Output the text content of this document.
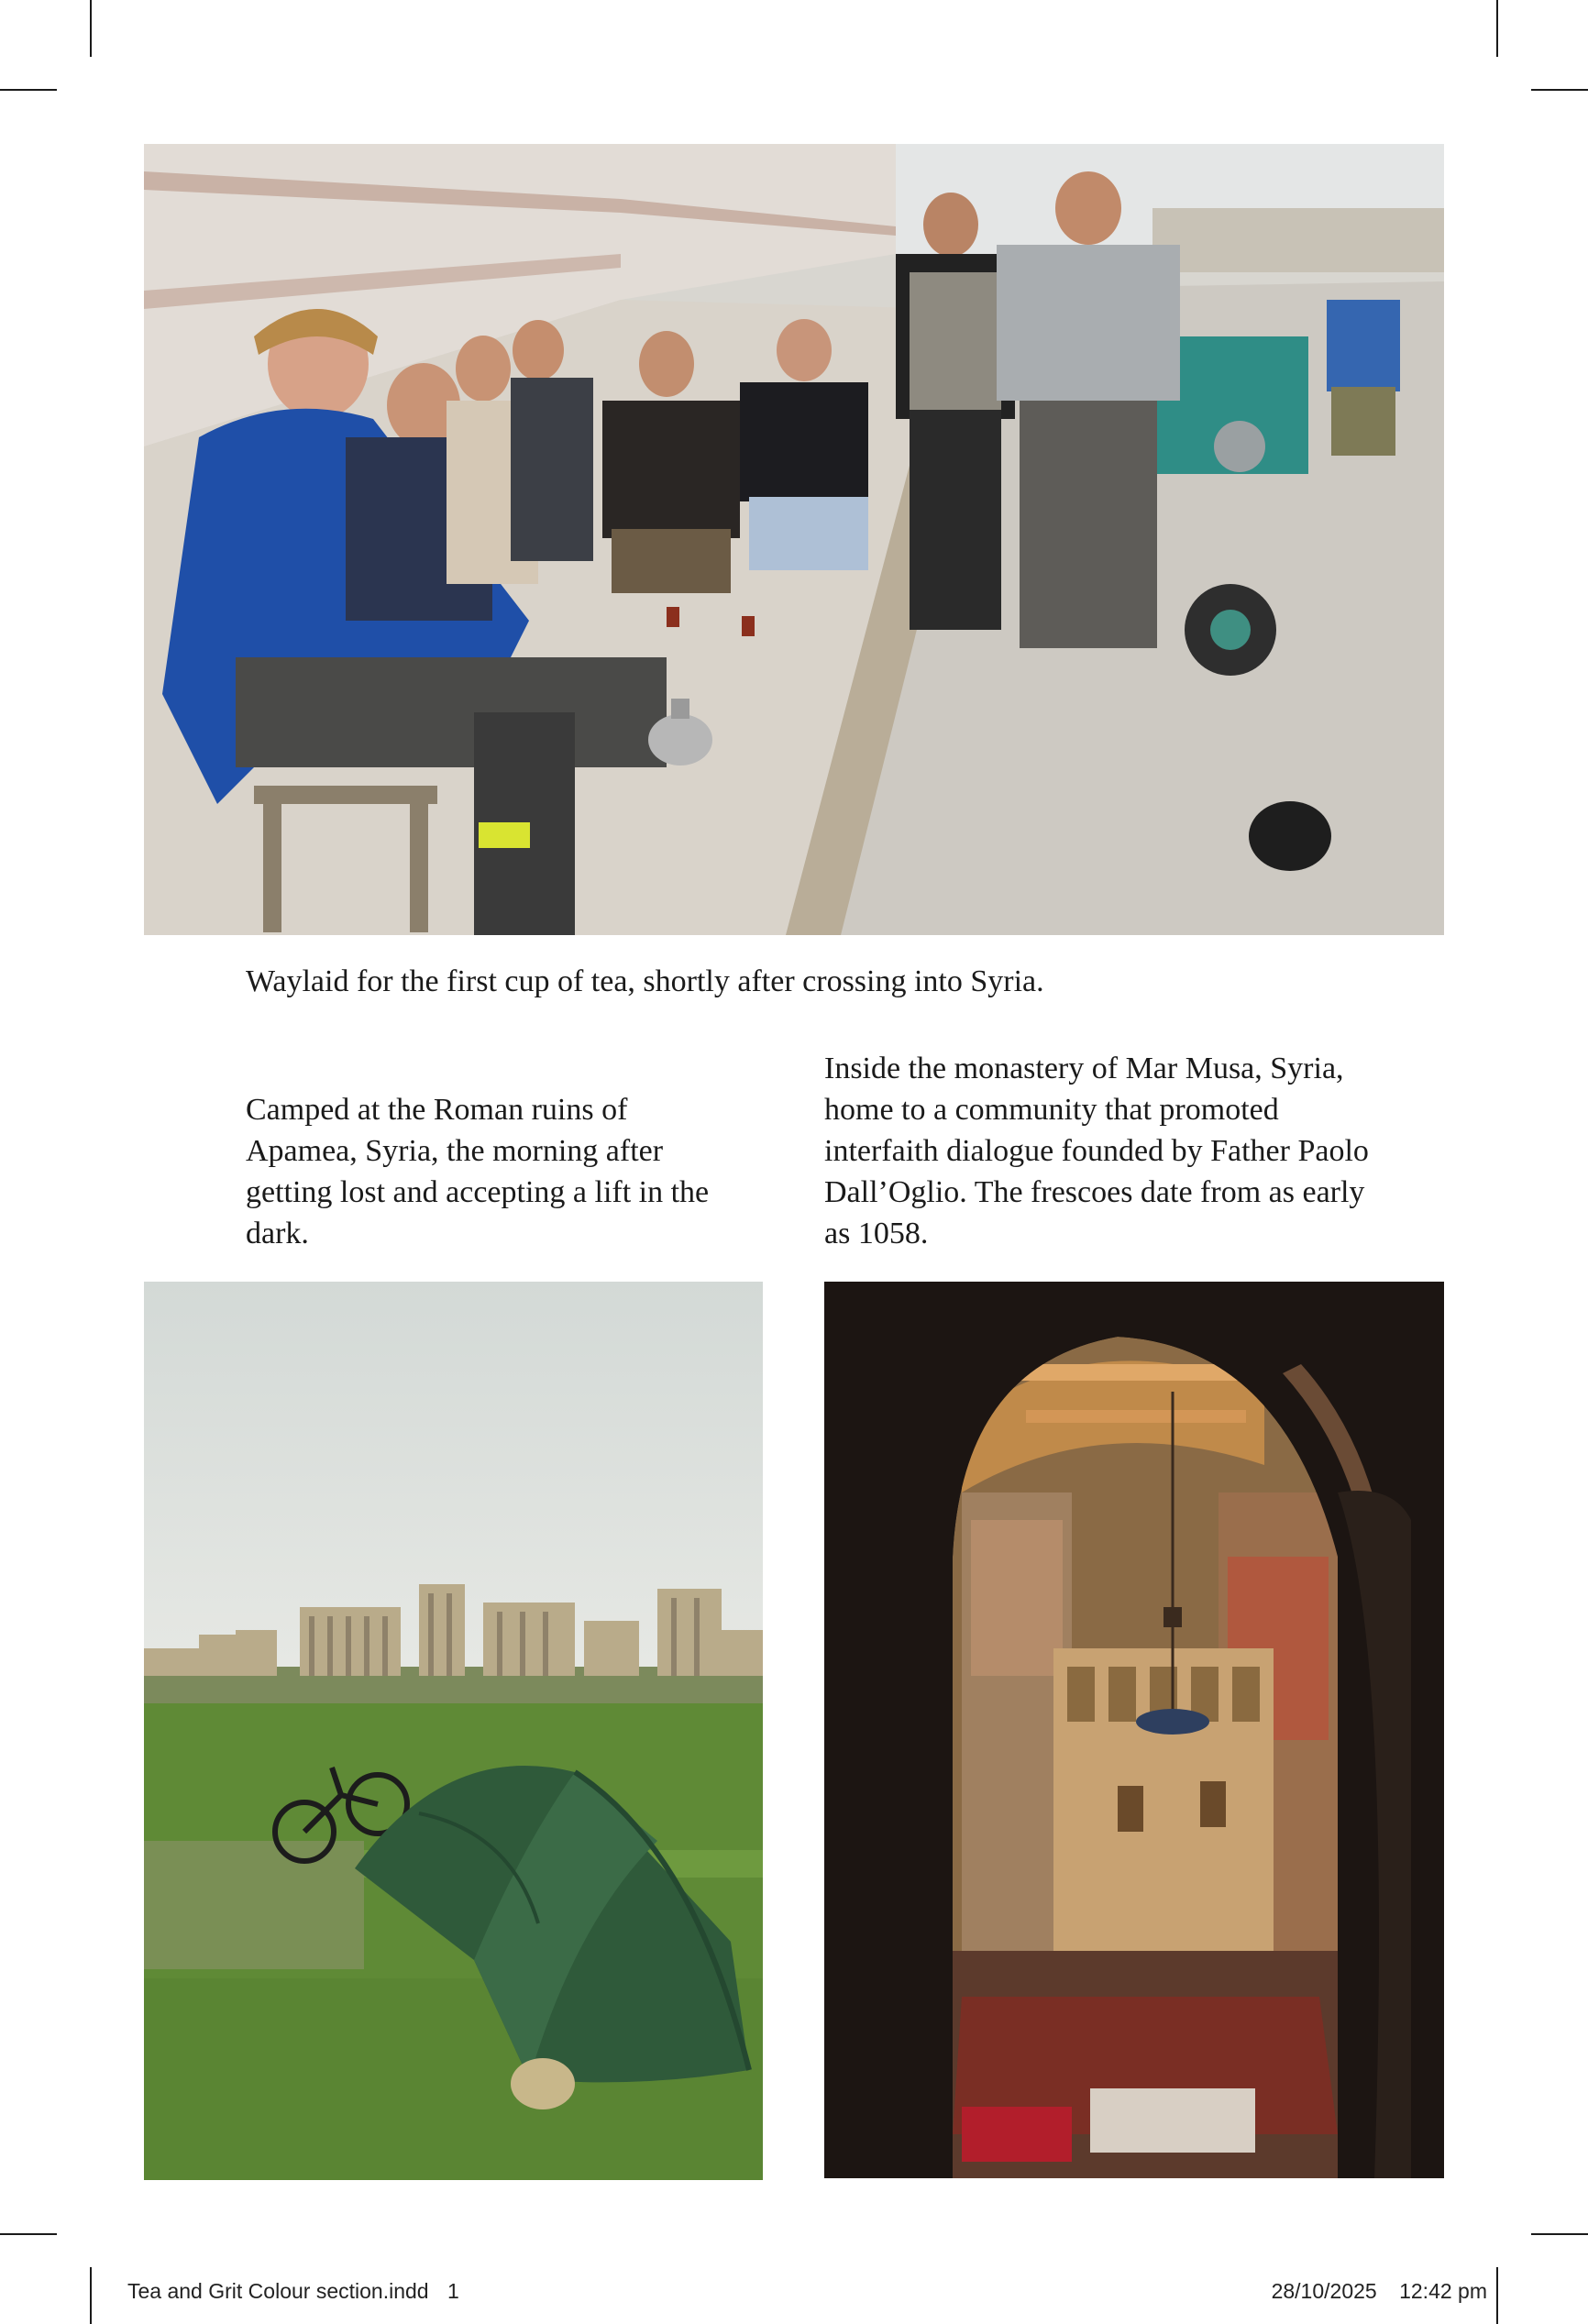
Waylaid for the first cup of tea, shortly after crossing into Syria.

Camped at the Roman ruins of Apamea, Syria, the morning after getting lost and accepting a lift in the dark.

Inside the monastery of Mar Musa, Syria, home to a community that promoted interfaith dialogue founded by Father Paolo Dall’Oglio. The frescoes date from as early as 1058.

Tea and Grit Colour section.indd 1	28/10/2025 12:42 pm
